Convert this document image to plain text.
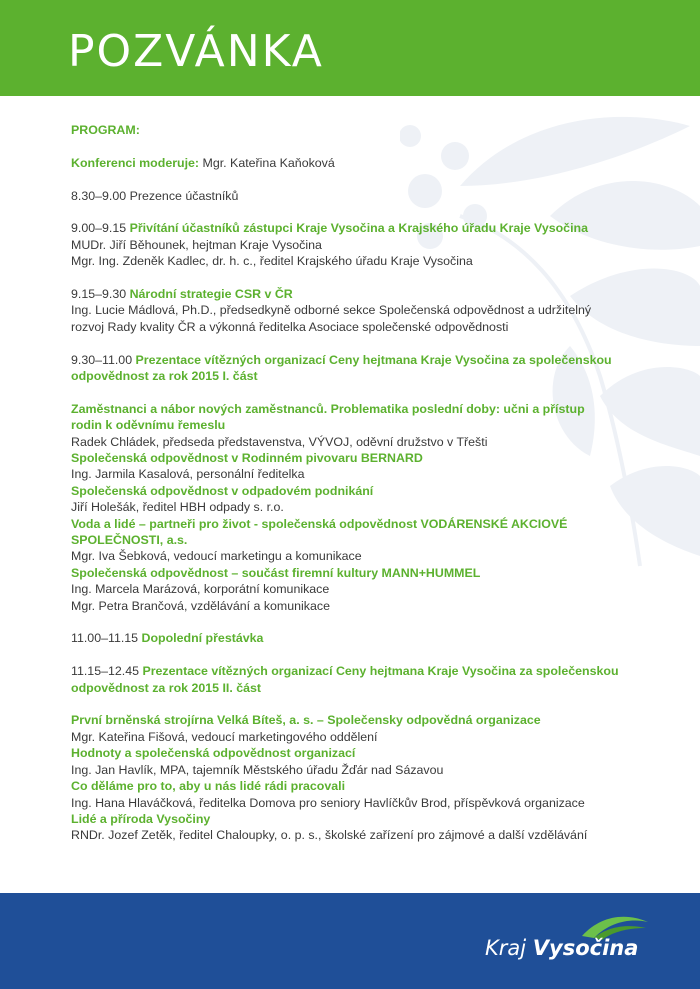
POZVÁNKA

PROGRAM:

Konferenci moderuje: Mgr. Kateřina Kaňoková

8.30–9.00 Prezence účastníků

9.00–9.15 Přivítání účastníků zástupci Kraje Vysočina a Krajského úřadu Kraje Vysočina

MUDr. Jiří Běhounek, hejtman Kraje Vysočina

Mgr. Ing. Zdeněk Kadlec, dr. h. c., ředitel Krajského úřadu Kraje Vysočina

9.15–9.30 Národní strategie CSR v ČR

Ing. Lucie Mádlová, Ph.D., předsedkyně odborné sekce Společenská odpovědnost a udržitelný

rozvoj Rady kvality ČR a výkonná ředitelka Asociace společenské odpovědnosti

9.30–11.00 Prezentace vítězných organizací Ceny hejtmana Kraje Vysočina za společenskou

odpovědnost za rok 2015 I. část

Zaměstnanci a nábor nových zaměstnanců. Problematika poslední doby: učni a přístup

rodin k oděvnímu řemeslu

Radek Chládek, předseda představenstva, VÝVOJ, oděvní družstvo v Třešti

Společenská odpovědnost v Rodinném pivovaru BERNARD

Ing. Jarmila Kasalová, personální ředitelka

Společenská odpovědnost v odpadovém podnikání

Jiří Holešák, ředitel HBH odpady s. r.o.

Voda a lidé – partneři pro život - společenská odpovědnost VODÁRENSKÉ AKCIOVÉ

SPOLEČNOSTI, a.s.

Mgr. Iva Šebková, vedoucí marketingu a komunikace

Společenská odpovědnost – součást firemní kultury MANN+HUMMEL

Ing. Marcela Marázová, korporátní komunikace

Mgr. Petra Brančová, vzdělávání a komunikace

11.00–11.15 Dopolední přestávka

11.15–12.45 Prezentace vítězných organizací Ceny hejtmana Kraje Vysočina za společenskou

odpovědnost za rok 2015 II. část

První brněnská strojírna Velká Bíteš, a. s. – Společensky odpovědná organizace

Mgr. Kateřina Fišová, vedoucí marketingového oddělení

Hodnoty a společenská odpovědnost organizací

Ing. Jan Havlík, MPA, tajemník Městského úřadu Žďár nad Sázavou

Co děláme pro to, aby u nás lidé rádi pracovali

Ing. Hana Hlaváčková, ředitelka Domova pro seniory Havlíčkův Brod, příspěvková organizace

Lidé a příroda Vysočiny

RNDr. Jozef Zetěk, ředitel Chaloupky, o. p. s., školské zařízení pro zájmové a další vzdělávání

Kraj Vysočina
